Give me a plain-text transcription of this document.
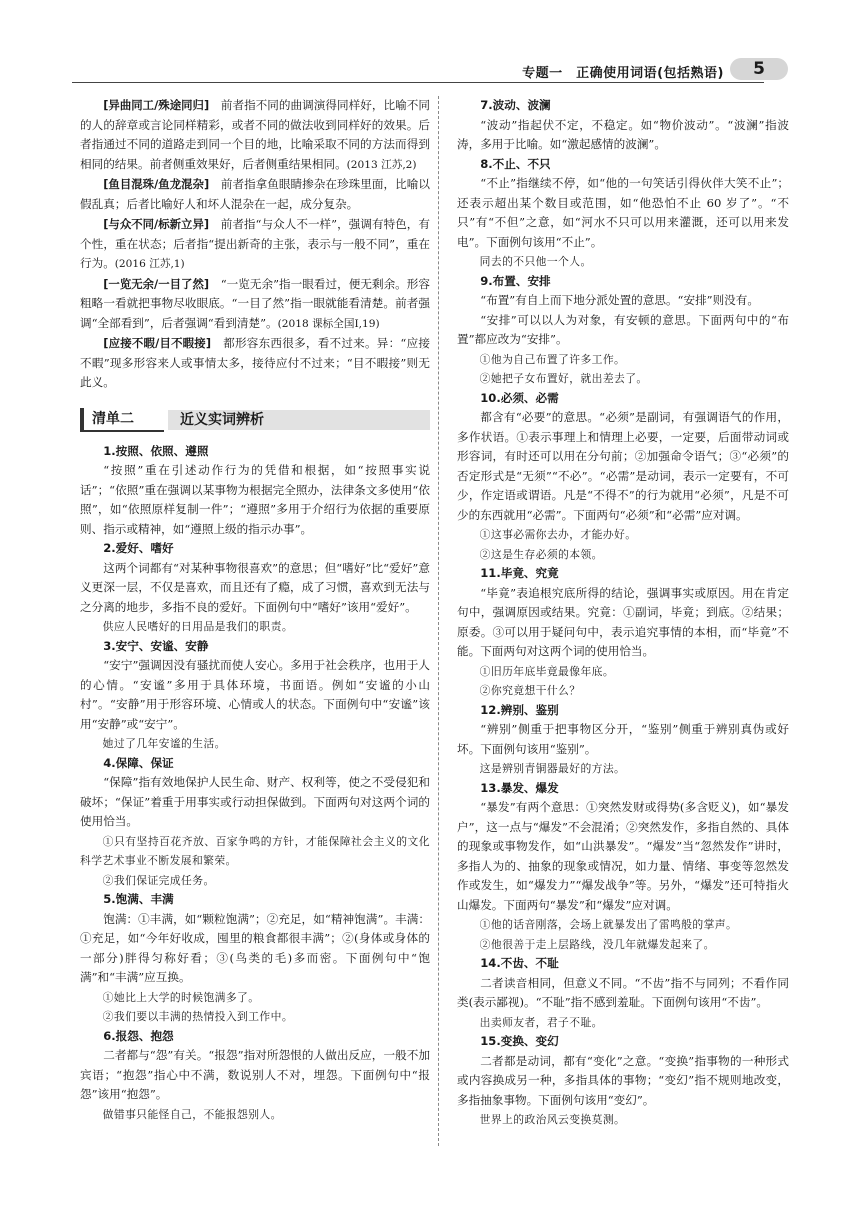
专题一　正确使用词语(包括熟语)	5

[异曲同工/殊途同归]　前者指不同的曲调演得同样好，比喻不同的人的辞章或言论同样精彩，或者不同的做法收到同样好的效果。后者指通过不同的道路走到同一个目的地，比喻采取不同的方法而得到相同的结果。前者侧重效果好，后者侧重结果相同。(2013 江苏,2)

[鱼目混珠/鱼龙混杂]　前者指拿鱼眼睛掺杂在珍珠里面，比喻以假乱真；后者比喻好人和坏人混杂在一起，成分复杂。

[与众不同/标新立异]　前者指“与众人不一样”，强调有特色，有个性，重在状态；后者指“提出新奇的主张，表示与一般不同”，重在行为。(2016 江苏,1)

[一览无余/一目了然]　“一览无余”指一眼看过，便无剩余。形容粗略一看就把事物尽收眼底。“一目了然”指一眼就能看清楚。前者强调“全部看到”，后者强调“看到清楚”。(2018 课标全国Ⅰ,19)

[应接不暇/目不暇接]　都形容东西很多，看不过来。异：“应接不暇”现多形容来人或事情太多，接待应付不过来；“目不暇接”则无此义。

清单二	近义实词辨析

1.按照、依照、遵照

“按照”重在引述动作行为的凭借和根据，如“按照事实说话”；“依照”重在强调以某事物为根据完全照办，法律条文多使用“依照”，如“依照原样复制一件”；“遵照”多用于介绍行为依据的重要原则、指示或精神，如“遵照上级的指示办事”。

2.爱好、嗜好

这两个词都有“对某种事物很喜欢”的意思；但“嗜好”比“爱好”意义更深一层，不仅是喜欢，而且还有了瘾，成了习惯，喜欢到无法与之分离的地步，多指不良的爱好。下面例句中“嗜好”该用“爱好”。

供应人民嗜好的日用品是我们的职责。

3.安宁、安谧、安静

“安宁”强调因没有骚扰而使人安心。多用于社会秩序，也用于人的心情。“安谧”多用于具体环境，书面语。例如“安谧的小山村”。“安静”用于形容环境、心情或人的状态。下面例句中“安谧”该用“安静”或“安宁”。

她过了几年安谧的生活。

4.保障、保证

“保障”指有效地保护人民生命、财产、权利等，使之不受侵犯和破坏；“保证”着重于用事实或行动担保做到。下面两句对这两个词的使用恰当。

①只有坚持百花齐放、百家争鸣的方针，才能保障社会主义的文化科学艺术事业不断发展和繁荣。

②我们保证完成任务。

5.饱满、丰满

饱满：①丰满，如“颗粒饱满”；②充足，如“精神饱满”。丰满：①充足，如“今年好收成，囤里的粮食都很丰满”；②(身体或身体的一部分)胖得匀称好看；③(鸟类的毛)多而密。下面例句中“饱满”和“丰满”应互换。

①她比上大学的时候饱满多了。

②我们要以丰满的热情投入到工作中。

6.报怨、抱怨

二者都与“怨”有关。“报怨”指对所怨恨的人做出反应，一般不加宾语；“抱怨”指心中不满，数说别人不对，埋怨。下面例句中“报怨”该用“抱怨”。

做错事只能怪自己，不能报怨别人。

7.波动、波澜

“波动”指起伏不定，不稳定。如“物价波动”。“波澜”指波涛，多用于比喻。如“激起感情的波澜”。

8.不止、不只

“不止”指继续不停，如“他的一句笑话引得伙伴大笑不止”；还表示超出某个数目或范围，如“他恐怕不止 60 岁了”。“不只”有“不但”之意，如“河水不只可以用来灌溉，还可以用来发电”。下面例句该用“不止”。

同去的不只他一个人。

9.布置、安排

“布置”有自上而下地分派处置的意思。“安排”则没有。

“安排”可以以人为对象，有安顿的意思。下面两句中的“布置”都应改为“安排”。

①他为自己布置了许多工作。

②她把子女布置好，就出差去了。

10.必须、必需

都含有“必要”的意思。“必须”是副词，有强调语气的作用，多作状语。①表示事理上和情理上必要，一定要，后面带动词或形容词，有时还可以用在分句前；②加强命令语气；③“必须”的否定形式是“无须”“不必”。“必需”是动词，表示一定要有，不可少，作定语或谓语。凡是“不得不”的行为就用“必须”，凡是不可少的东西就用“必需”。下面两句“必须”和“必需”应对调。

①这事必需你去办，才能办好。

②这是生存必须的本领。

11.毕竟、究竟

“毕竟”表追根究底所得的结论，强调事实或原因。用在肯定句中，强调原因或结果。究竟：①副词，毕竟；到底。②结果；原委。③可以用于疑问句中，表示追究事情的本相，而“毕竟”不能。下面两句对这两个词的使用恰当。

①旧历年底毕竟最像年底。

②你究竟想干什么？

12.辨别、鉴别

“辨别”侧重于把事物区分开，“鉴别”侧重于辨别真伪或好坏。下面例句该用“鉴别”。

这是辨别青铜器最好的方法。

13.暴发、爆发

“暴发”有两个意思：①突然发财或得势(多含贬义)，如“暴发户”，这一点与“爆发”不会混淆；②突然发作，多指自然的、具体的现象或事物发作，如“山洪暴发”。“爆发”当“忽然发作”讲时，多指人为的、抽象的现象或情况，如力量、情绪、事变等忽然发作或发生，如“爆发力”“爆发战争”等。另外，“爆发”还可特指火山爆发。下面两句“暴发”和“爆发”应对调。

①他的话音刚落，会场上就暴发出了雷鸣般的掌声。

②他很善于走上层路线，没几年就爆发起来了。

14.不齿、不耻

二者读音相同，但意义不同。“不齿”指不与同列；不看作同类(表示鄙视)。“不耻”指不感到羞耻。下面例句该用“不齿”。

出卖师友者，君子不耻。

15.变换、变幻

二者都是动词，都有“变化”之意。“变换”指事物的一种形式或内容换成另一种，多指具体的事物；“变幻”指不规则地改变，多指抽象事物。下面例句该用“变幻”。

世界上的政治风云变换莫测。
